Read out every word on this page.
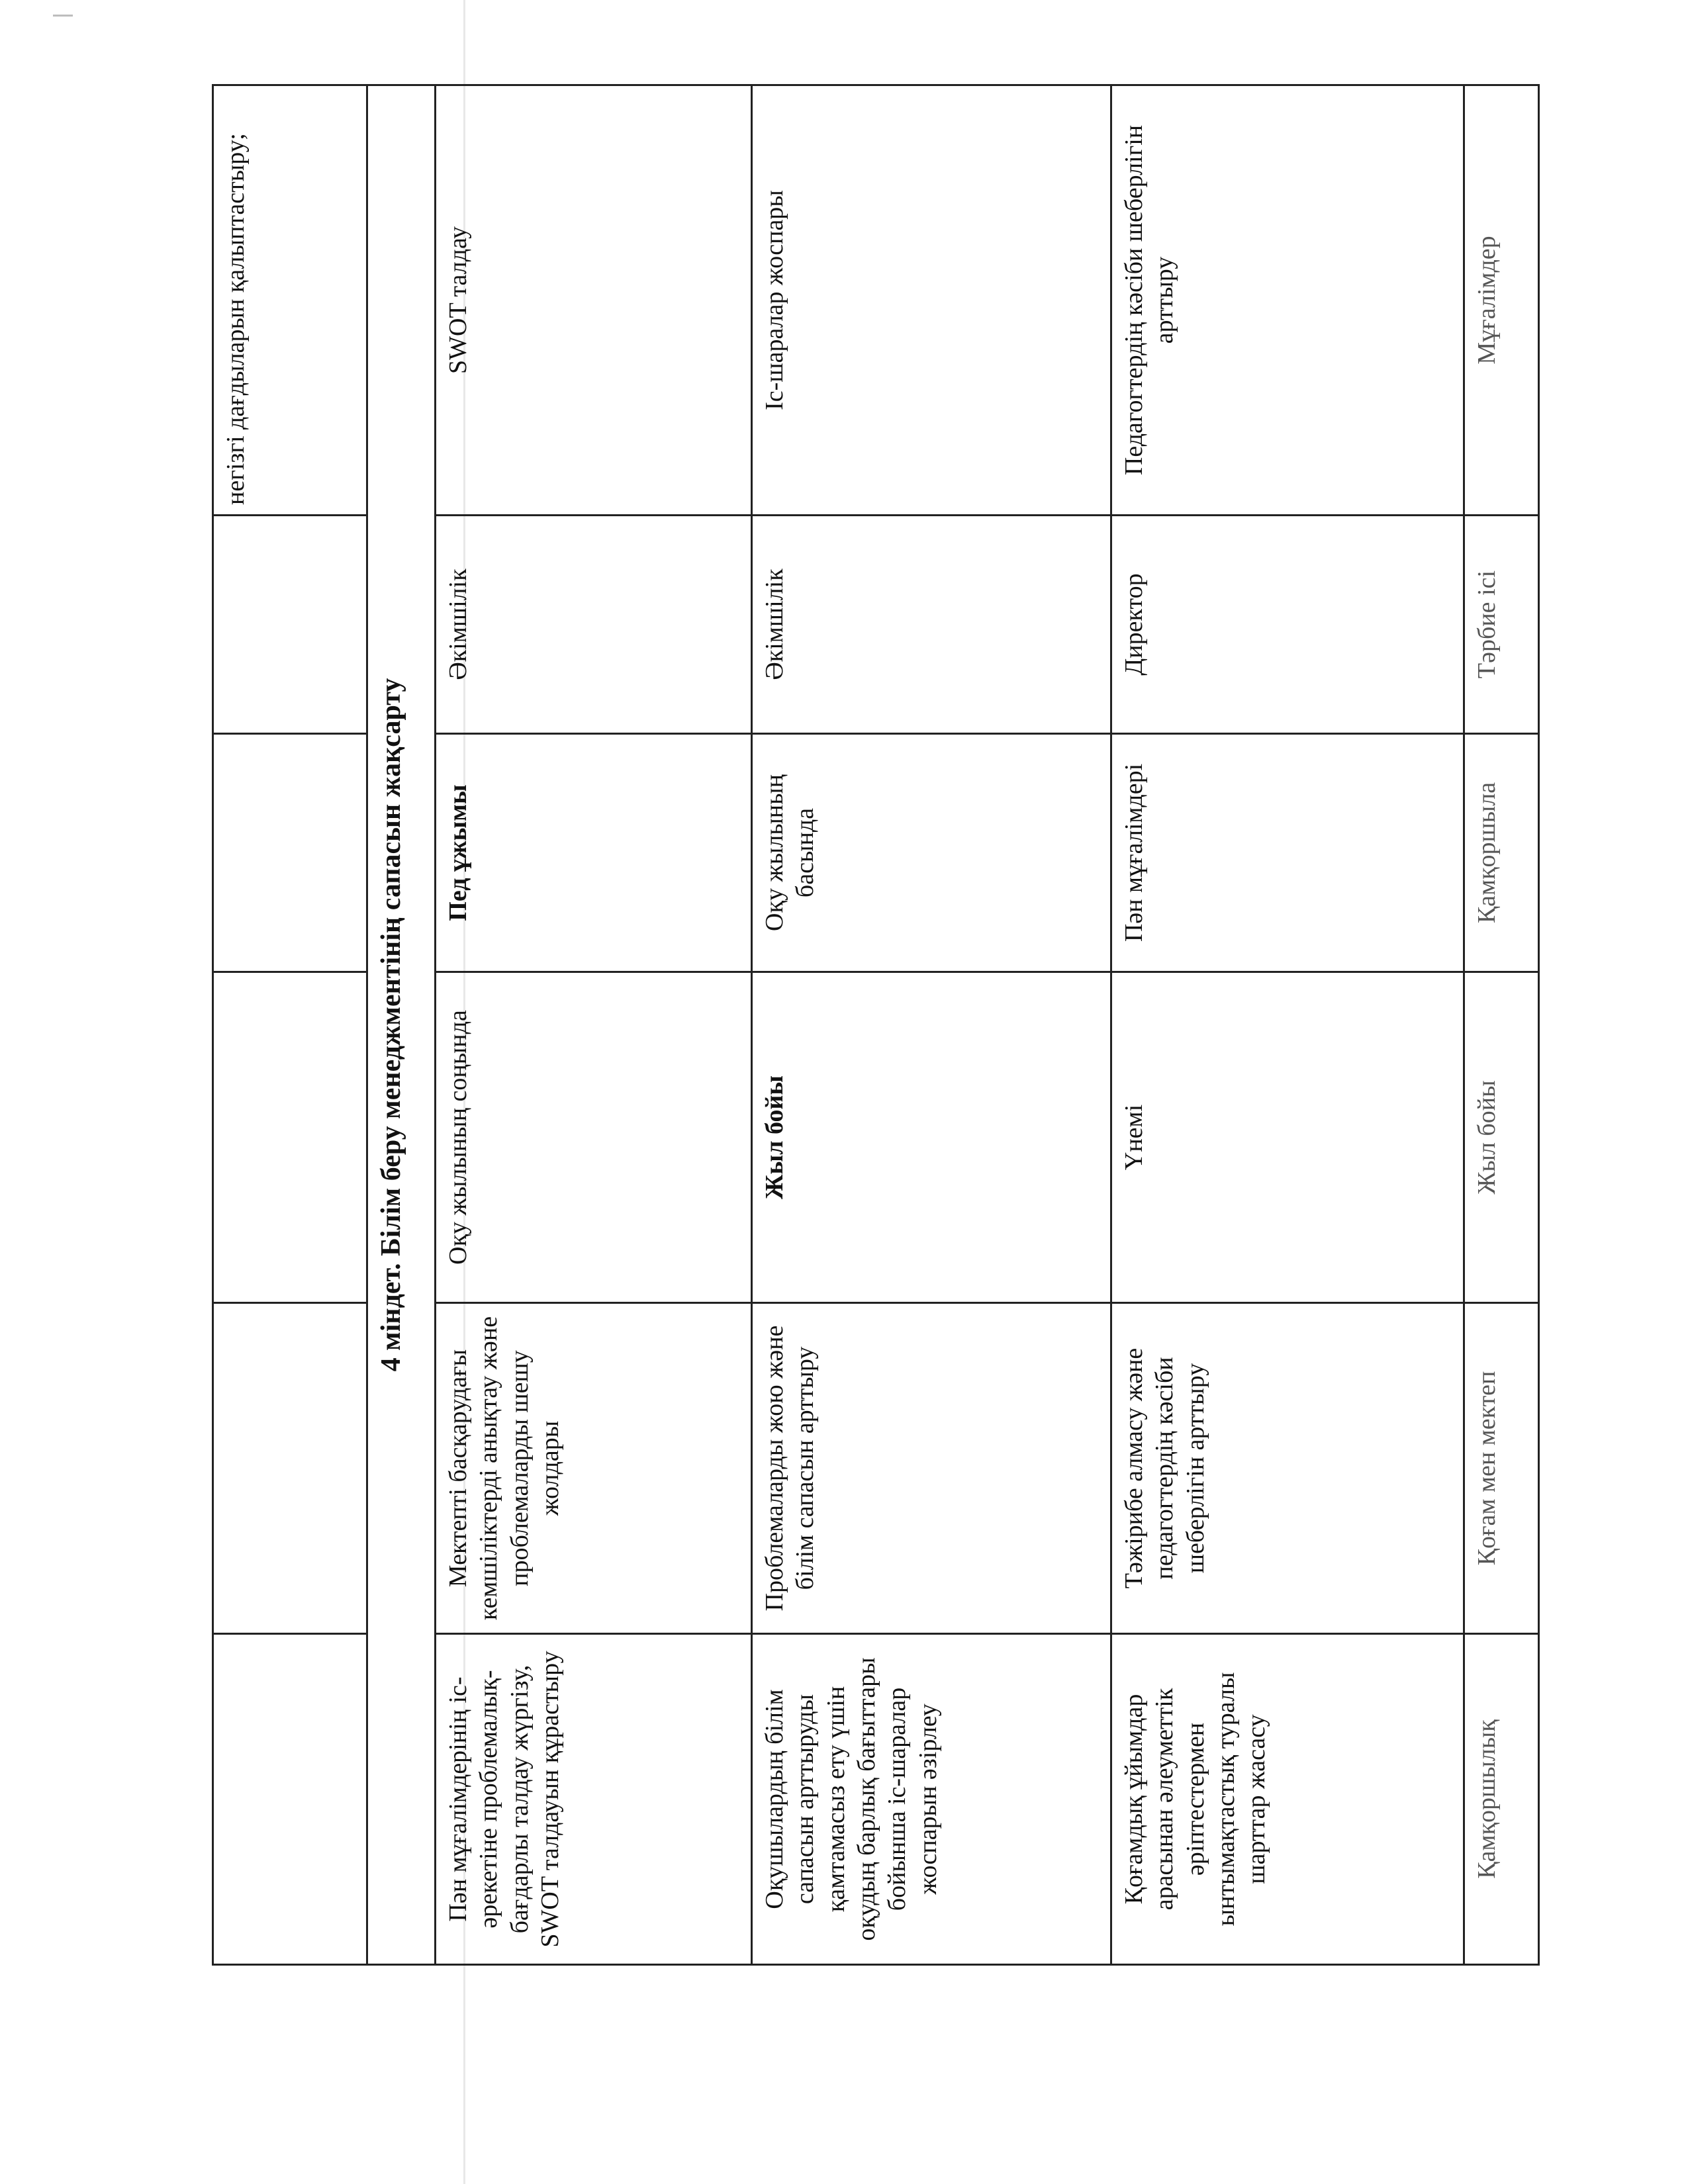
					негізгі дағдыларын қалыптастыру;
4 міндет. Білім беру менеджментінің сапасын жақсарту					
Пән мұғалімдерінің іс-әрекетіне проблемалық-бағдарлы талдау жүргізу, SWOT талдауын құрастыру	Мектепті басқарудағы кемшіліктерді анықтау және проблемаларды шешу жолдары	Оқу жылының соңында	Пед ұжымы	Әкімшілік	SWOT талдау
Оқушылардың білім сапасын арттыруды қамтамасыз ету үшін оқудың барлық бағыттары бойынша іс-шаралар жоспарын әзірлеу	Проблемаларды жою және білім сапасын арттыру	Жыл бойы	Оқу жылының басында	Әкімшілік	Іс-шаралар жоспары
Қоғамдық ұйымдар арасынан әлеуметтік әріптестермен ынтымақтастық туралы шарттар жасасу	Тәжірибе алмасу және педагогтердің кәсіби шеберлігін арттыру	Үнемі	Пән мұғалімдері	Директор	Педагогтердің кәсіби шеберлігін арттыру
Қамқоршылық	Қоғам мен мектеп	Жыл бойы	Қамқоршыла	Тәрбие ісі	Мұғалімдер
